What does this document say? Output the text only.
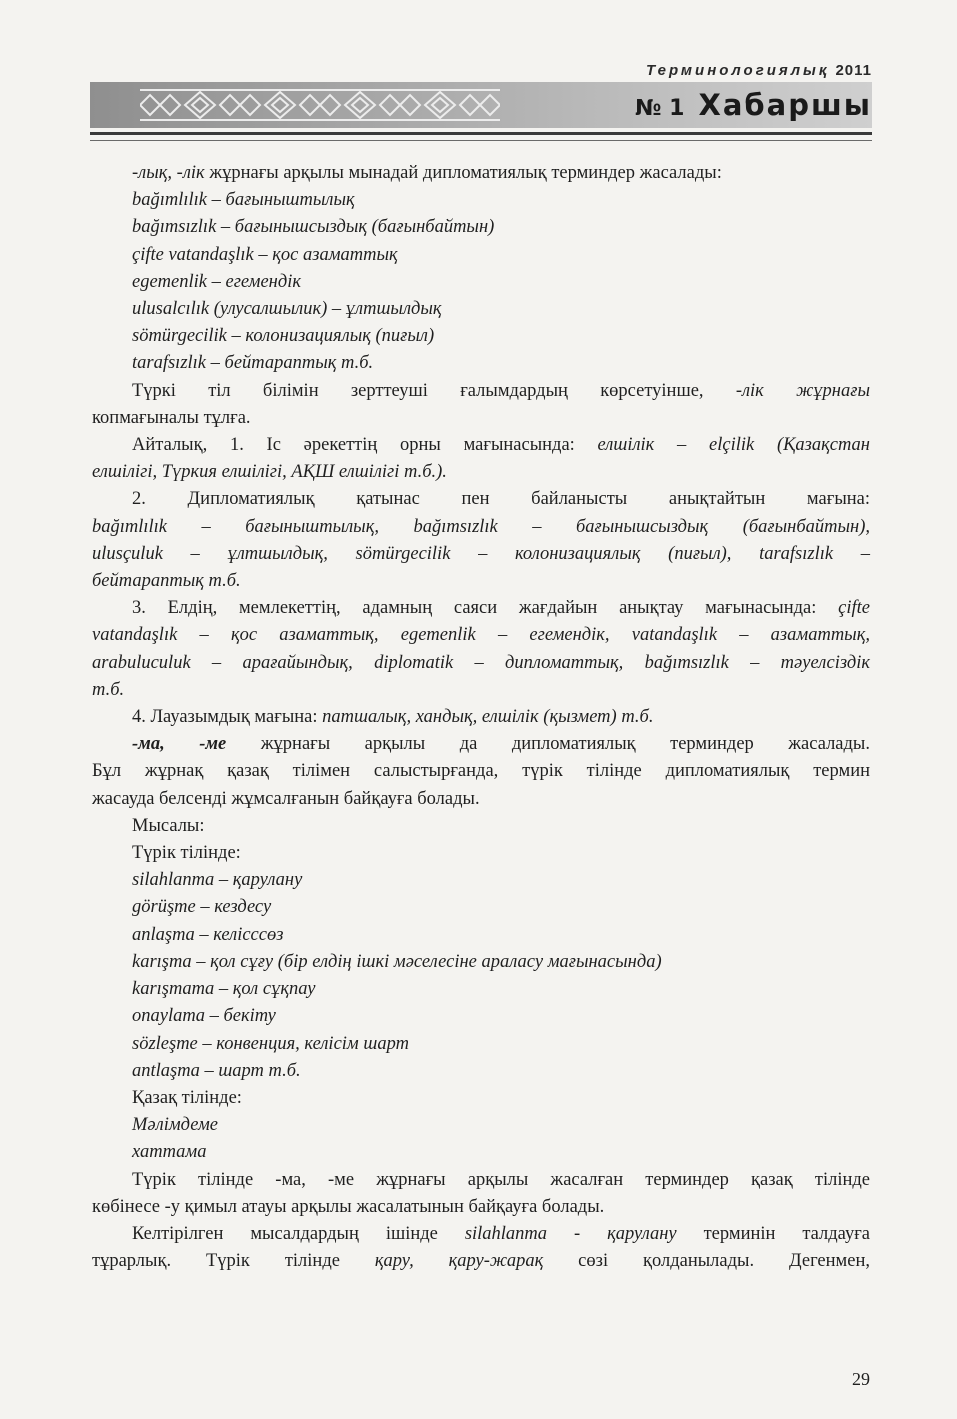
Терминологиялық 2011
№ 1 Хабаршы

-лық, -лік жұрнағы арқылы мынадай дипломатиялық терминдер жасалады:

bağımlılık – бағыныштылық

bağımsızlık – бағынышсыздық (бағынбайтын)

çifte vatandaşlık – қос азаматтық

egemenlik – егемендік

ulusalcılık (улусалшылик) – ұлтшылдық

sömürgecilik – колонизациялық (пиғыл)

tarafsızlık – бейтараптық т.б.

Түркі тіл білімін зерттеуші ғалымдардың көрсетуінше, -лік жұрнағы

копмағыналы тұлға.

Айталық, 1. Іс әрекеттің орны мағынасында: елшілік – elçilik (Қазақстан

елшілігі, Түркия елшілігі, АҚШ елшілігі т.б.).

2. Дипломатиялық қатынас пен байланысты анықтайтын мағына:

bağımlılık – бағыныштылық, bağımsızlık – бағынышсыздық (бағынбайтын),

ulusçuluk – ұлтшылдық, sömürgecilik – колонизациялық (пиғыл), tarafsızlık –

бейтараптық т.б.

3. Елдің, мемлекеттің, адамның саяси жағдайын анықтау мағынасында: çifte

vatandaşlık – қос азаматтық, egemenlik – егемендік, vatandaşlık – азаматтық,

arabuluculuk – арағайындық, diplomatik – дипломаттық, bağımsızlık – тәуелсіздік

т.б.

4. Лауазымдық мағына: патшалық, хандық, елшілік (қызмет) т.б.

-ма, -ме жұрнағы арқылы да дипломатиялық терминдер жасалады.

Бұл жұрнақ қазақ тілімен салыстырғанда, түрік тілінде дипломатиялық термин

жасауда белсенді жұмсалғанын байқауға болады.

Мысалы:

Түрік тілінде:

silahlanma – қарулану

görüşme – кездесу

anlaşma – келісссөз

karışma – қол сұғу (бір елдің ішкі мәселесіне араласу мағынасында)

karışmama – қол сұқпау

onaylama – бекіту

sözleşme – конвенция, келісім шарт

antlaşma – шарт т.б.

Қазақ тілінде:

Мәлімдеме

хаттама

Түрік тілінде -ма, -ме жұрнағы арқылы жасалған терминдер қазақ тілінде

көбінесе -у қимыл атауы арқылы жасалатынын байқауға болады.

Келтірілген мысалдардың ішінде silahlanma - қарулану терминін талдауға

тұрарлық. Түрік тілінде қару, қару-жарақ сөзі қолданылады. Дегенмен,

29
